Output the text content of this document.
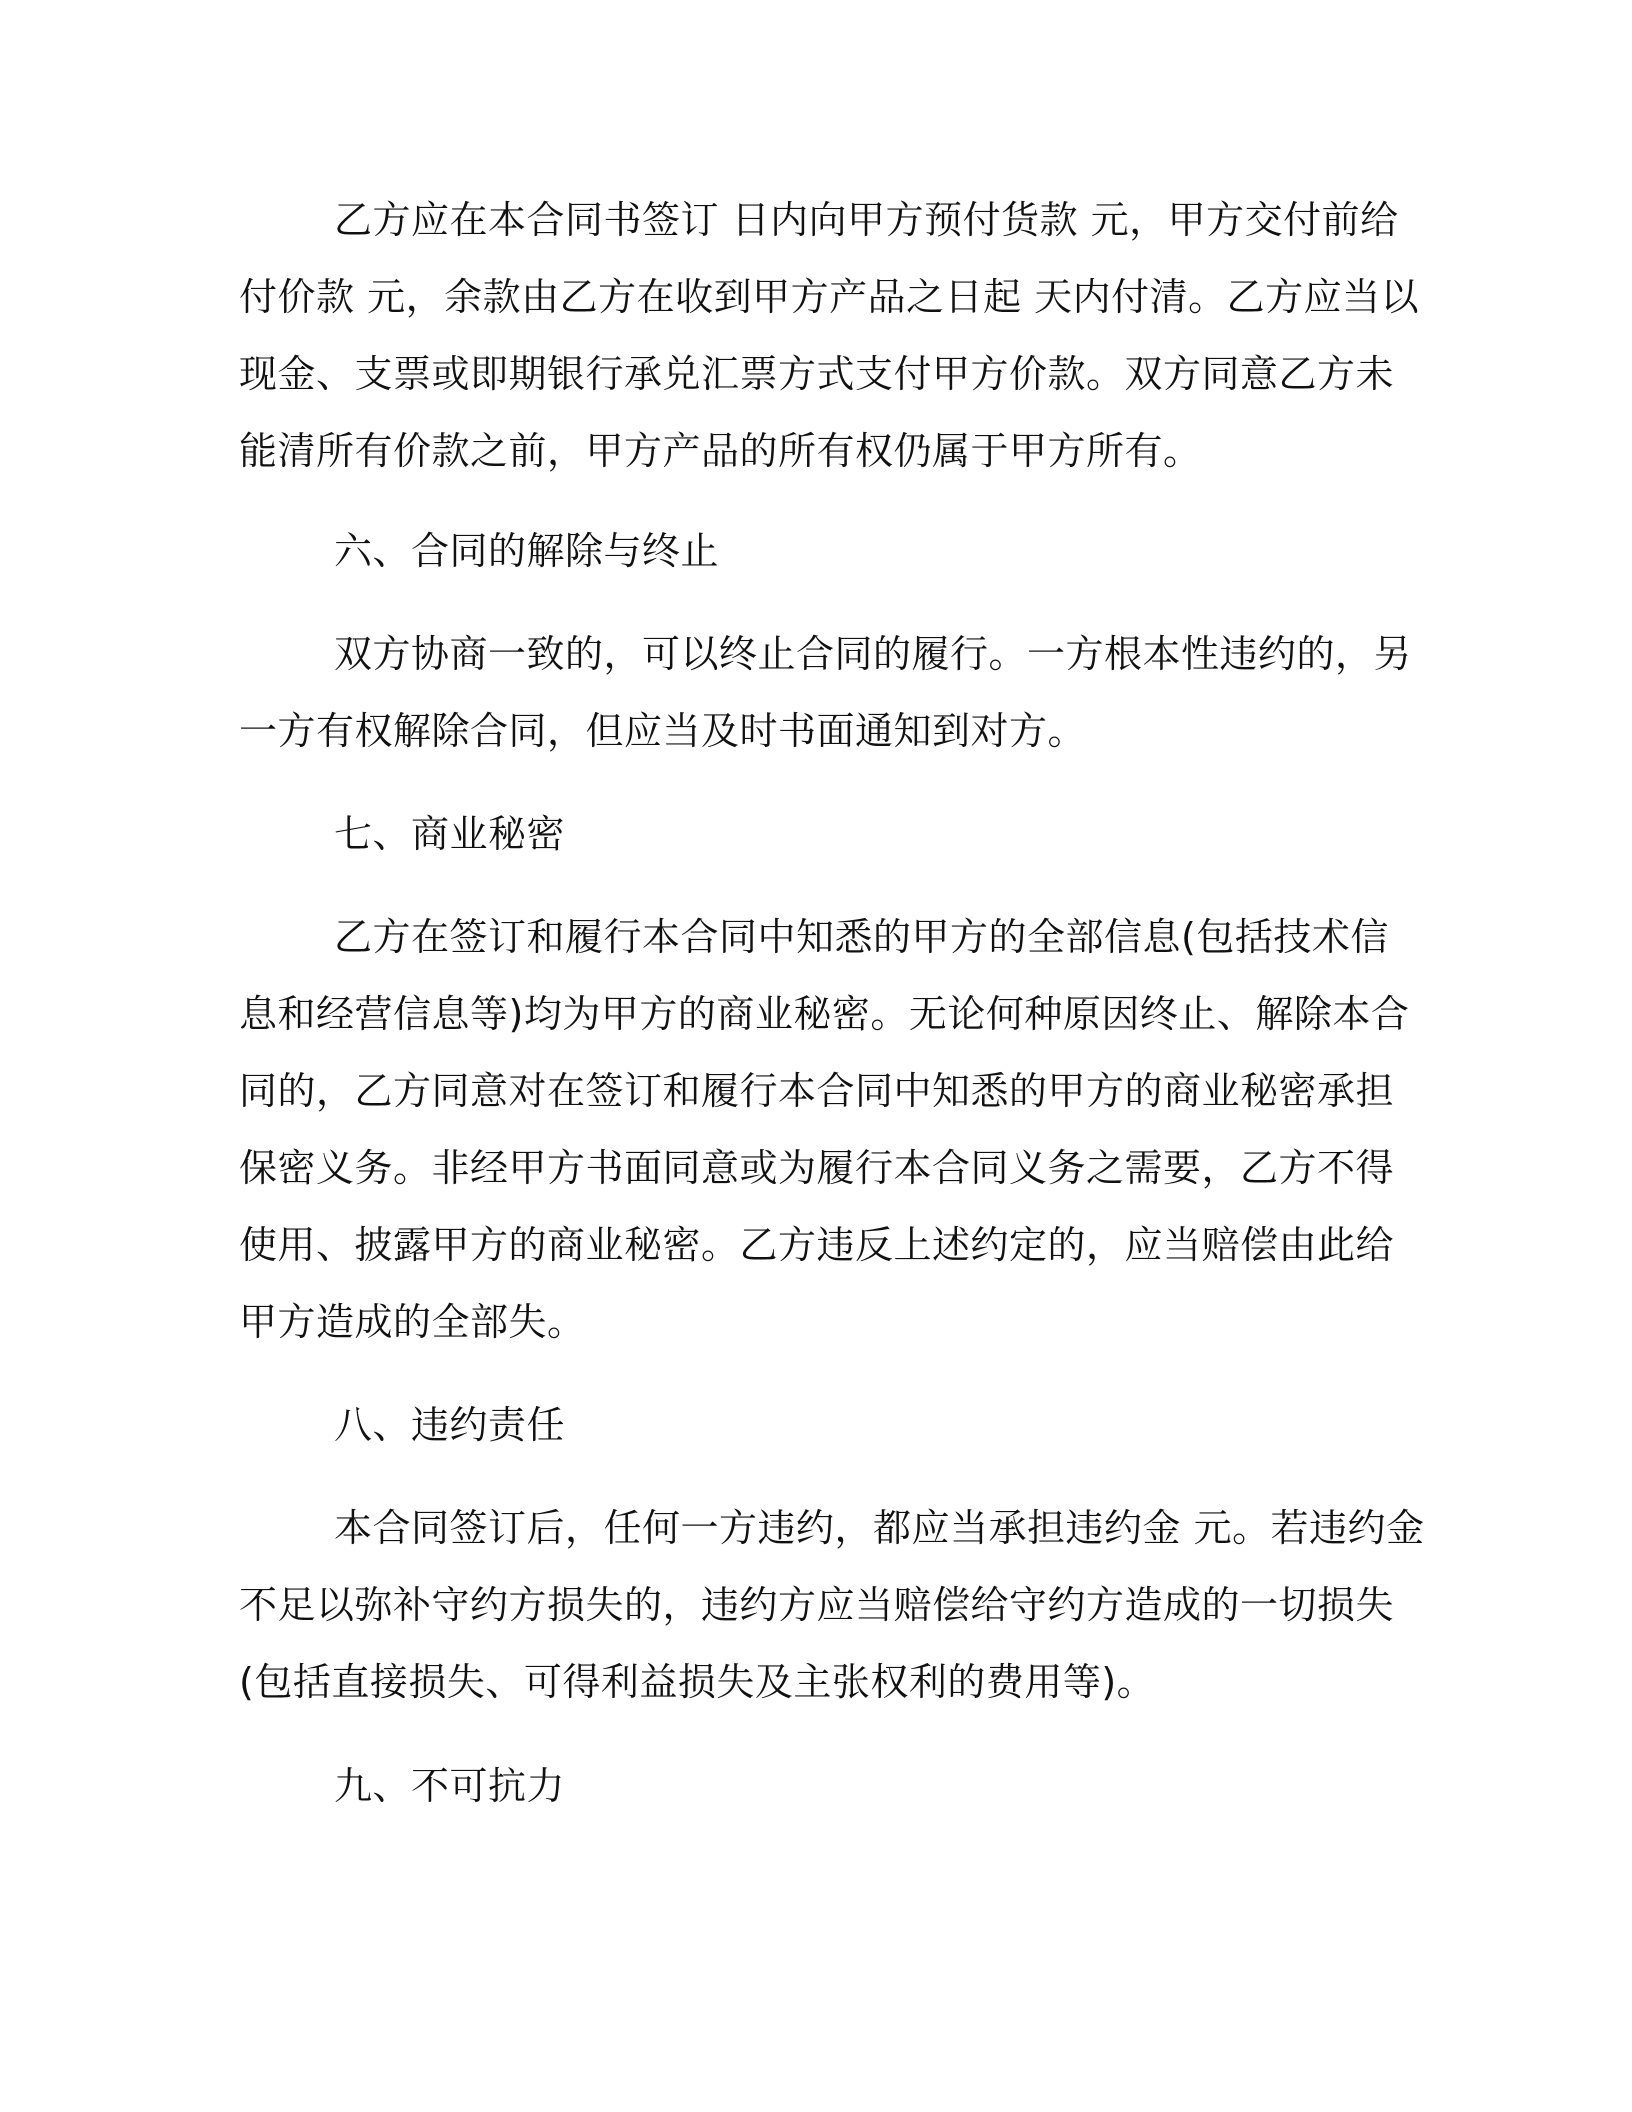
乙方应在本合同书签订 日内向甲方预付货款 元，甲方交付前给
付价款 元，余款由乙方在收到甲方产品之日起 天内付清。乙方应当以
现金、支票或即期银行承兑汇票方式支付甲方价款。双方同意乙方未
能清所有价款之前，甲方产品的所有权仍属于甲方所有。
六、合同的解除与终止
双方协商一致的，可以终止合同的履行。一方根本性违约的，另
一方有权解除合同，但应当及时书面通知到对方。
七、商业秘密
乙方在签订和履行本合同中知悉的甲方的全部信息(包括技术信
息和经营信息等)均为甲方的商业秘密。无论何种原因终止、解除本合
同的，乙方同意对在签订和履行本合同中知悉的甲方的商业秘密承担
保密义务。非经甲方书面同意或为履行本合同义务之需要，乙方不得
使用、披露甲方的商业秘密。乙方违反上述约定的，应当赔偿由此给
甲方造成的全部失。
八、违约责任
本合同签订后，任何一方违约，都应当承担违约金 元。若违约金
不足以弥补守约方损失的，违约方应当赔偿给守约方造成的一切损失
(包括直接损失、可得利益损失及主张权利的费用等)。
九、不可抗力
